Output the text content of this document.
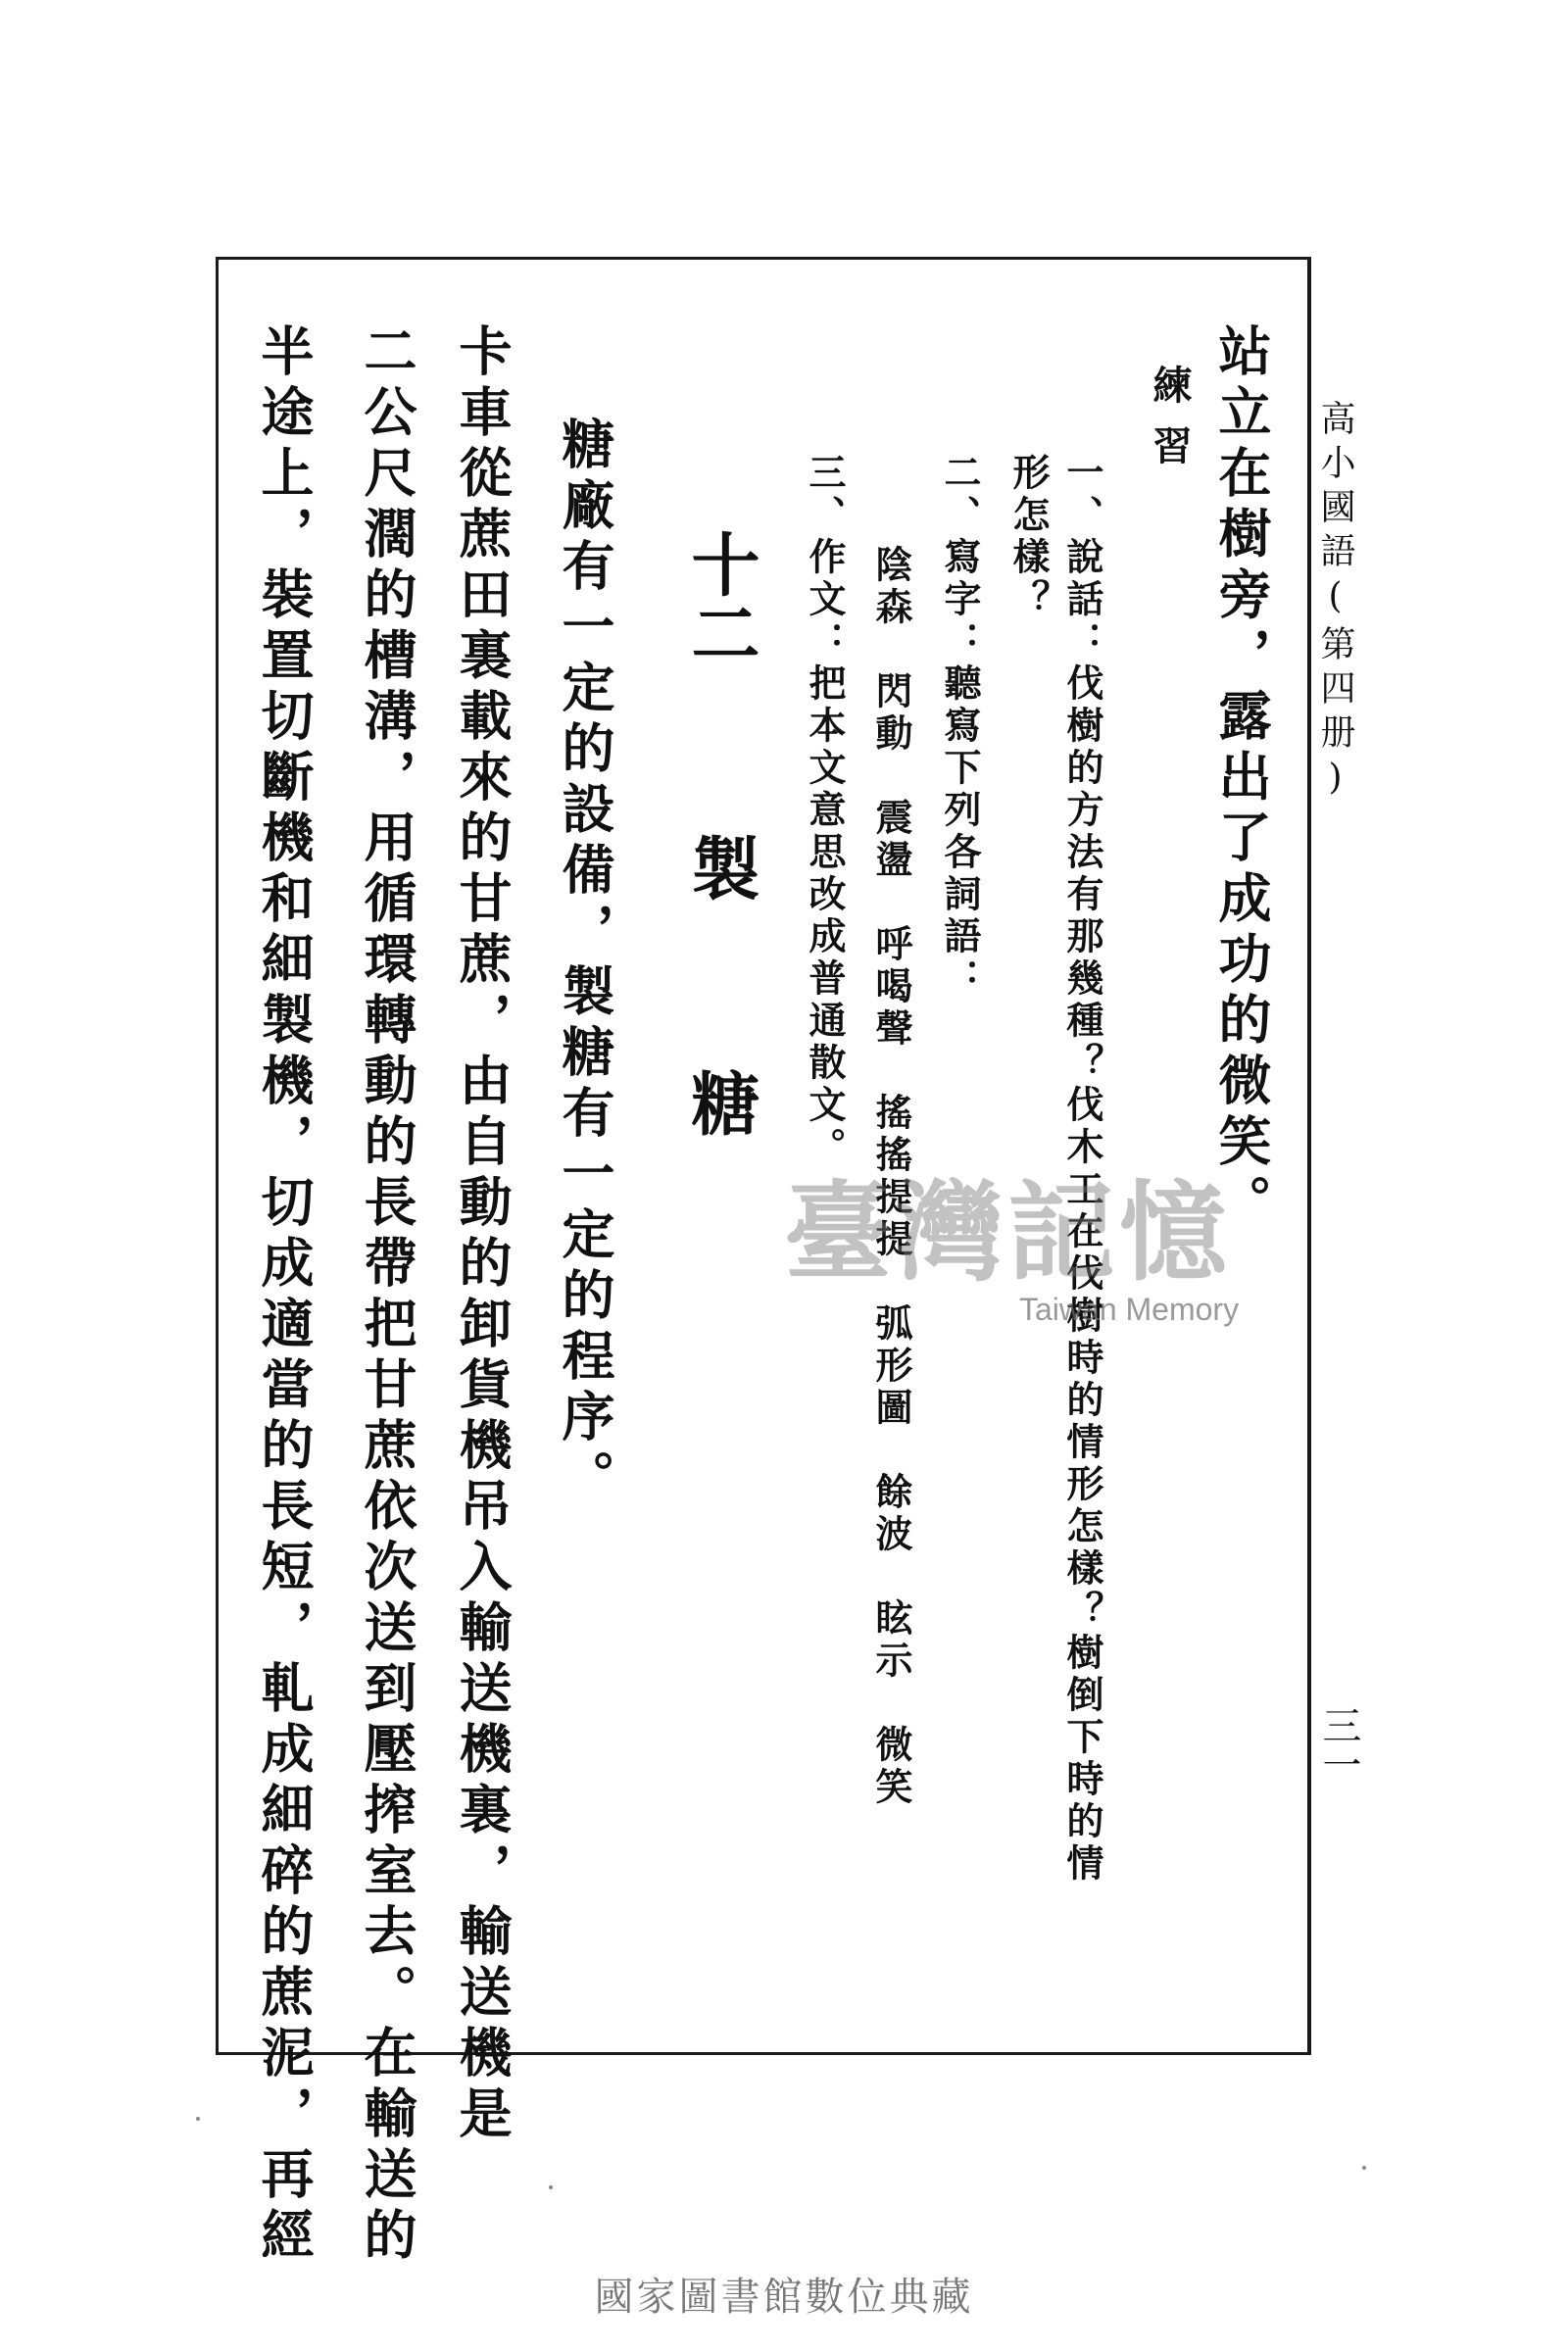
高小國語(第四册)
三一
站立在樹旁，露出了成功的微笑。
練習
一、說話：伐樹的方法有那幾種？伐木工在伐樹時的情形怎樣？樹倒下時的情
形怎樣？
二、寫字：聽寫下列各詞語：
陰森　閃動　震盪　呼喝聲　搖搖提提　弧形圖　餘波　眩示　微笑
三、作文：把本文意思改成普通散文。
十二製糖
糖廠有一定的設備，製糖有一定的程序。
卡車從蔗田裏載來的甘蔗，由自動的卸貨機吊入輸送機裏，輸送機是
二公尺濶的槽溝，用循環轉動的長帶把甘蔗依次送到壓搾室去。在輸送的
半途上，裝置切斷機和細製機，切成適當的長短，軋成細碎的蔗泥，再經	臺灣記憶
Taiwan Memory
國家圖書館數位典藏
